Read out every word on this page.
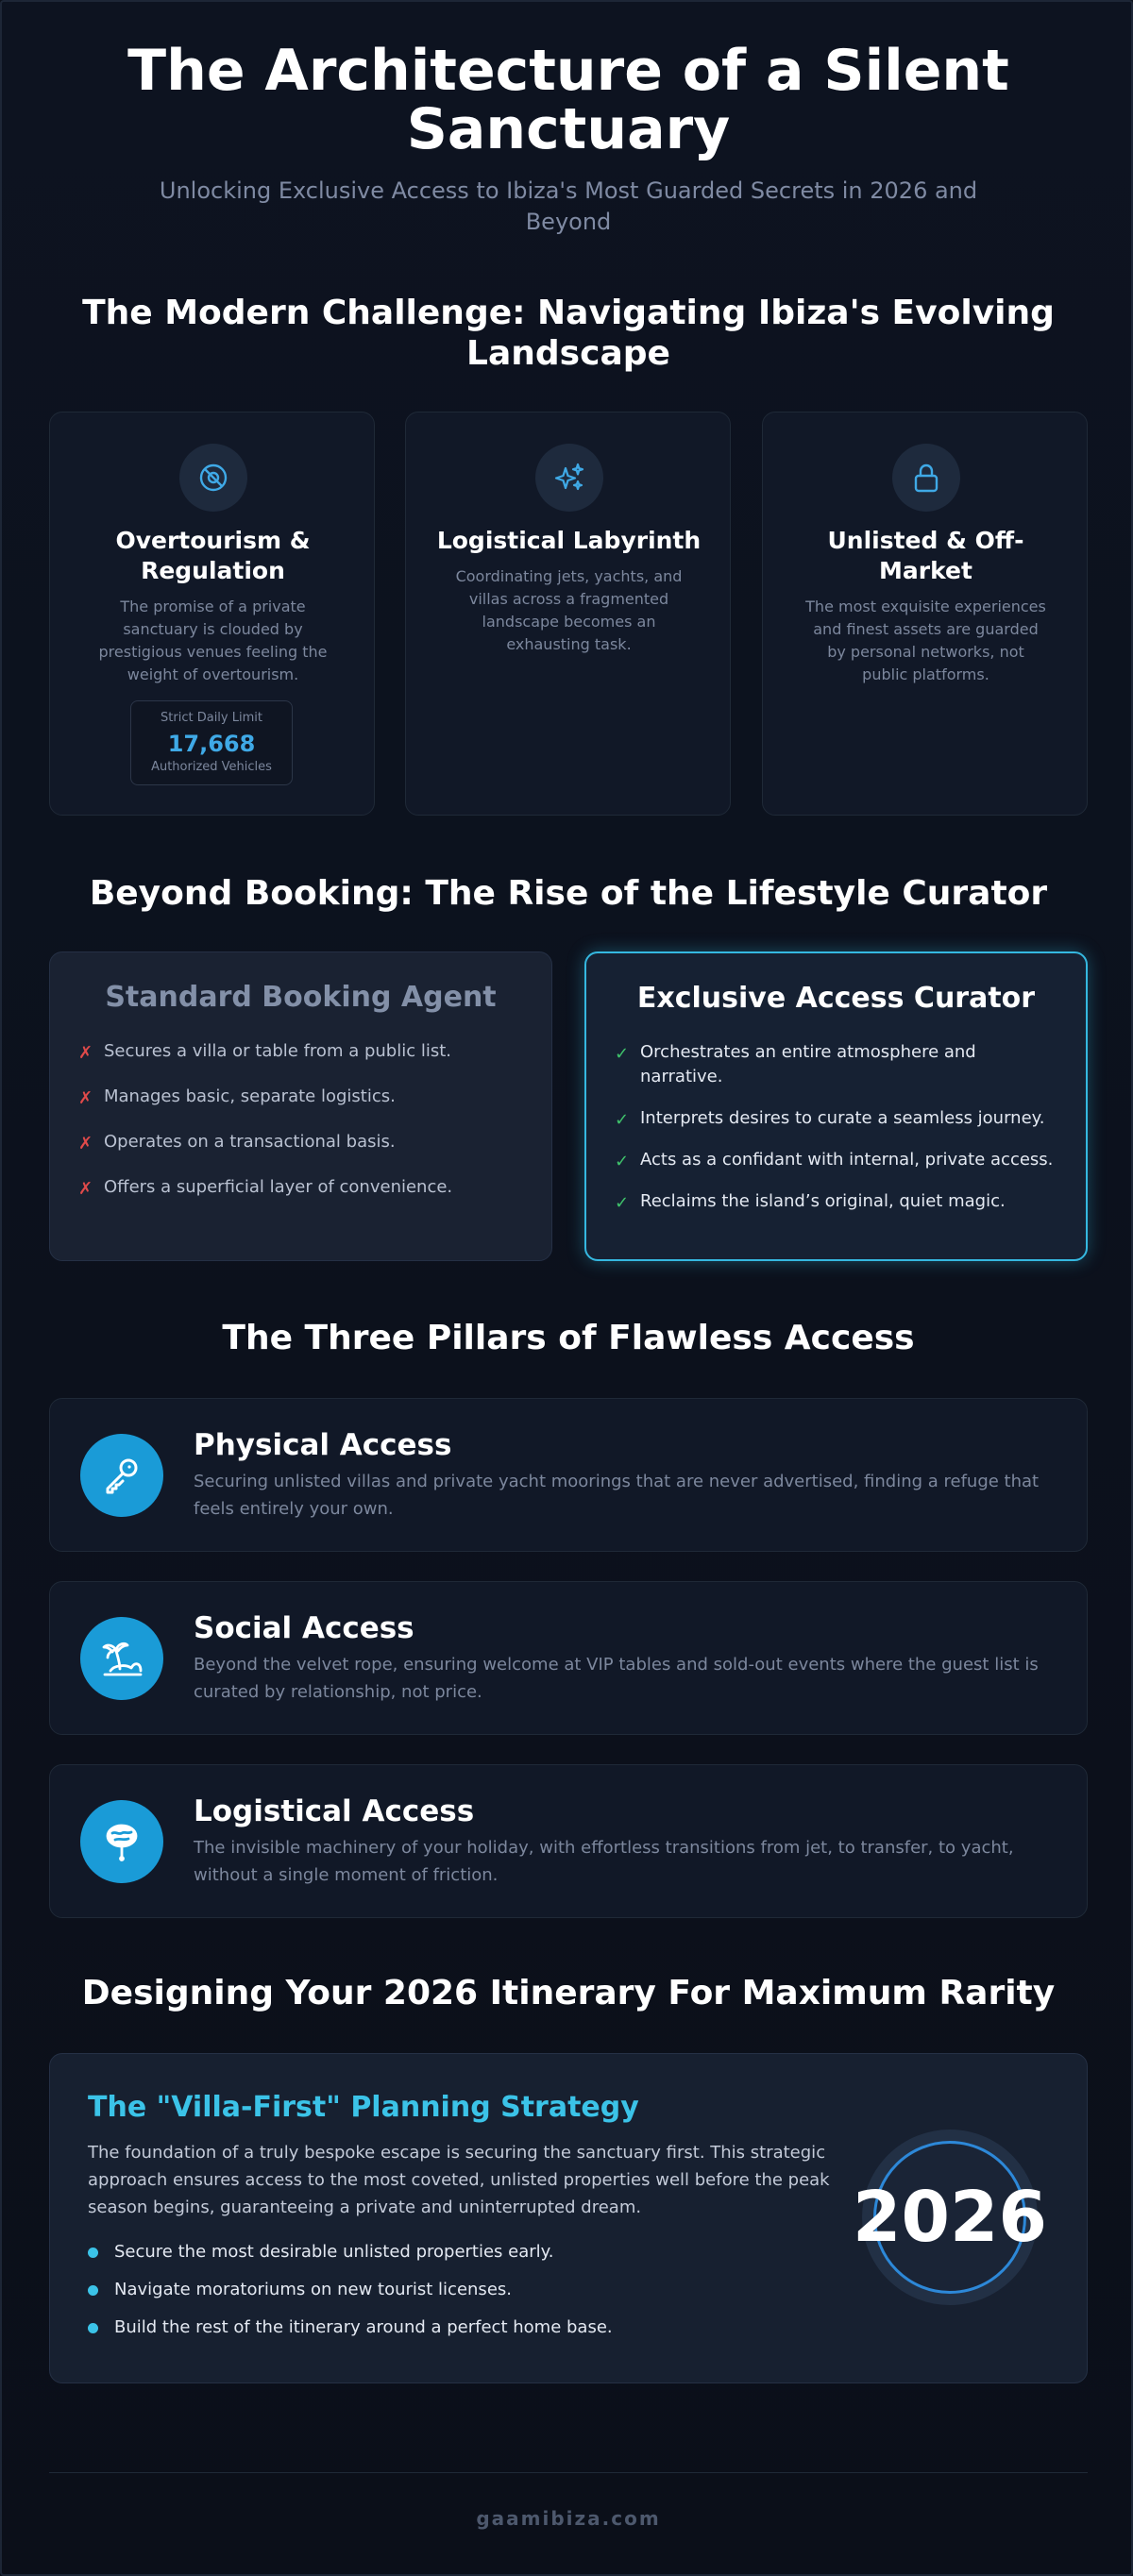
The Architecture of a Silent Sanctuary

Unlocking Exclusive Access to Ibiza's Most Guarded Secrets in 2026 and Beyond

The Modern Challenge: Navigating Ibiza's Evolving Landscape
Overtourism & Regulation

The promise of a private sanctuary is clouded by prestigious venues feeling the weight of overtourism.

Strict Daily Limit
17,668
Authorized Vehicles
Logistical Labyrinth

Coordinating jets, yachts, and villas across a fragmented landscape becomes an exhausting task.

Unlisted & Off-Market

The most exquisite experiences and finest assets are guarded by personal networks, not public platforms.

Beyond Booking: The Rise of the Lifestyle Curator
Standard Booking Agent
✗ Secures a villa or table from a public list.
✗ Manages basic, separate logistics.
✗ Operates on a transactional basis.
✗ Offers a superficial layer of convenience.
Exclusive Access Curator
✓ Orchestrates an entire atmosphere and narrative.
✓ Interprets desires to curate a seamless journey.
✓ Acts as a confidant with internal, private access.
✓ Reclaims the island’s original, quiet magic.
The Three Pillars of Flawless Access
Physical Access

Securing unlisted villas and private yacht moorings that are never advertised, finding a refuge that feels entirely your own.

Social Access

Beyond the velvet rope, ensuring welcome at VIP tables and sold-out events where the guest list is curated by relationship, not price.

Logistical Access

The invisible machinery of your holiday, with effortless transitions from jet, to transfer, to yacht, without a single moment of friction.

Designing Your 2026 Itinerary For Maximum Rarity
The "Villa-First" Planning Strategy

The foundation of a truly bespoke escape is securing the sanctuary first. This strategic approach ensures access to the most coveted, unlisted properties well before the peak season begins, guaranteeing a private and uninterrupted dream.

Secure the most desirable unlisted properties early.
Navigate moratoriums on new tourist licenses.
Build the rest of the itinerary around a perfect home base.
2026
gaamibiza.com
